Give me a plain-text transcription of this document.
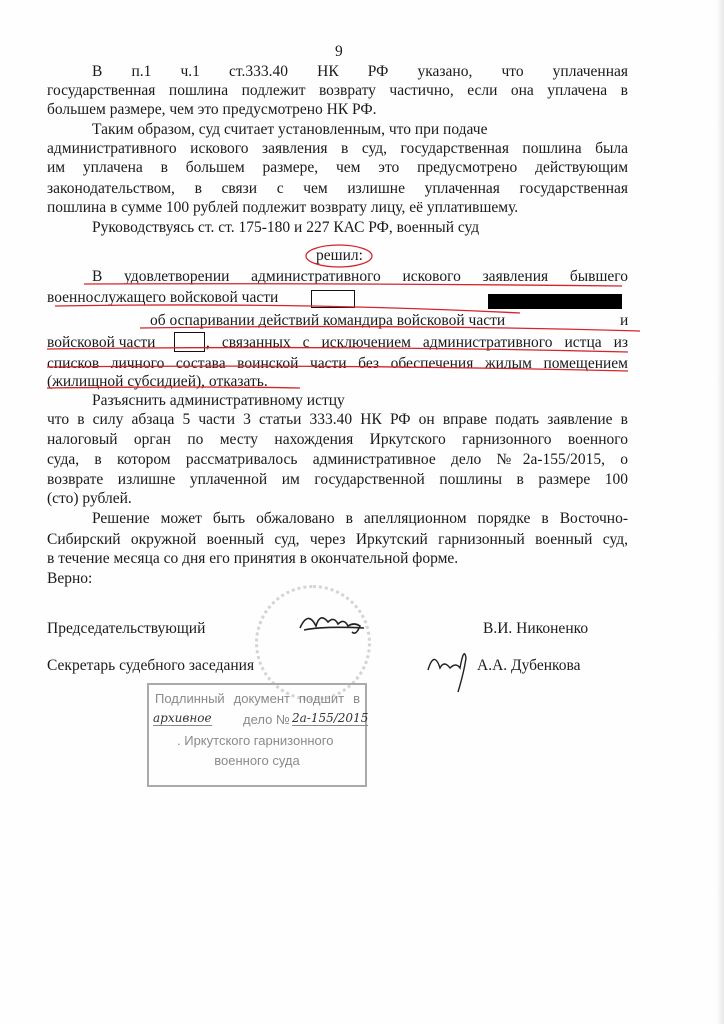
9
В п.1 ч.1 ст.333.40 НК РФ указано, что уплаченная
государственная пошлина подлежит возврату частично, если она уплачена в
большем размере, чем это предусмотрено НК РФ.
Таким образом, суд считает установленным, что при подаче
административного искового заявления в суд, государственная пошлина была
им уплачена в большем размере, чем это предусмотрено действующим
законодательством, в связи с чем излишне уплаченная государственная
пошлина в сумме 100 рублей подлежит возврату лицу, её уплатившему.
Руководствуясь ст. ст. 175-180 и 227 КАС РФ, военный суд
решил:
В удовлетворении административного искового заявления бывшего
военнослужащего войсковой части
об оспаривании действий командира войсковой части	и
войсковой части	, связанных с исключением административного истца из
списков личного состава воинской части без обеспечения жилым помещением
(жилищной субсидией), отказать.
Разъяснить административному истцу
что в силу абзаца 5 части 3 статьи 333.40 НК РФ он вправе подать заявление в
налоговый орган по месту нахождения Иркутского гарнизонного военного
суда, в котором рассматривалось административное дело №2а-155/2015, о
возврате излишне уплаченной им государственной пошлины в размере 100
(сто) рублей.
Решение может быть обжаловано в апелляционном порядке в Восточно-
Сибирский окружной военный суд, через Иркутский гарнизонный военный суд,
в течение месяца со дня его принятия в окончательной форме.
Верно:
Председательствующий	В.И. Никоненко
Секретарь судебного заседания	А.А. Дубенкова
Подлинный документ подшит в
архивное дело № 2а-155/2015
. Иркутского гарнизонного
военного суда
